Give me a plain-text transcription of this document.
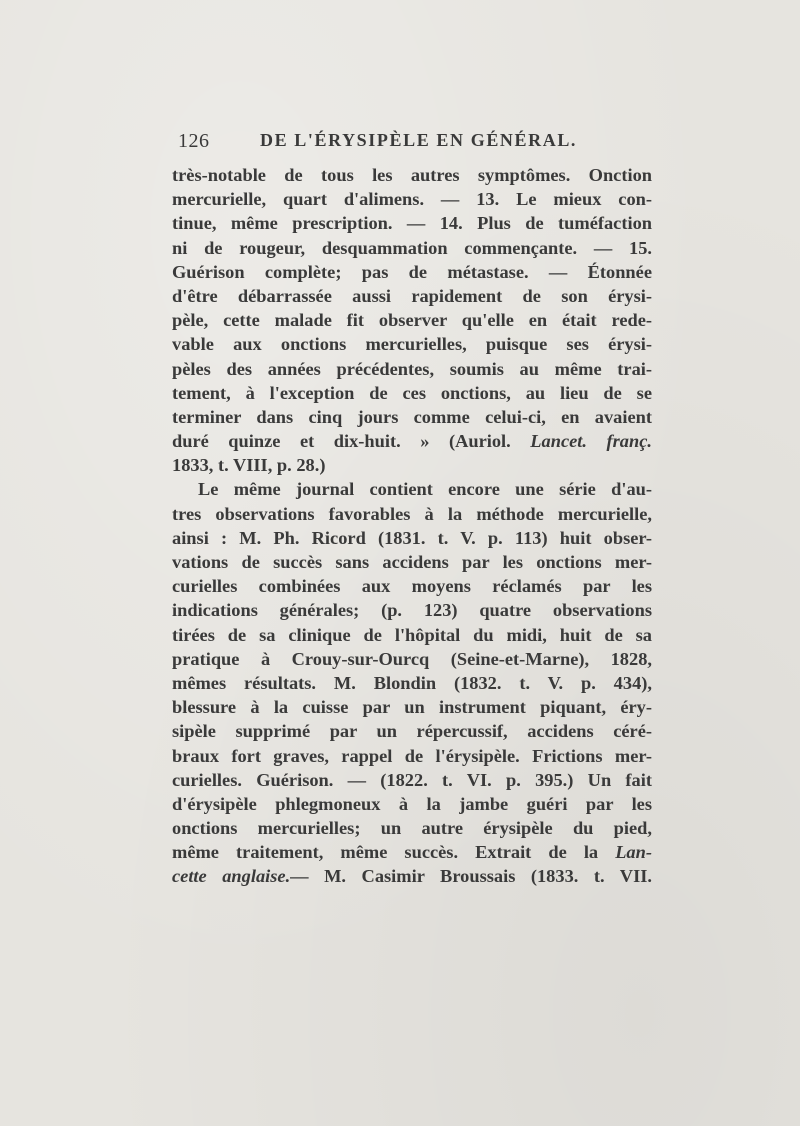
126	DE L'ÉRYSIPÈLE EN GÉNÉRAL.
très-notable de tous les autres symptômes. Onction
mercurielle, quart d'alimens. — 13. Le mieux con-
tinue, même prescription. — 14. Plus de tuméfaction
ni de rougeur, desquammation commençante. — 15.
Guérison complète; pas de métastase. — Étonnée
d'être débarrassée aussi rapidement de son érysi-
pèle, cette malade fit observer qu'elle en était rede-
vable aux onctions mercurielles, puisque ses érysi-
pèles des années précédentes, soumis au même trai-
tement, à l'exception de ces onctions, au lieu de se
terminer dans cinq jours comme celui-ci, en avaient
duré quinze et dix-huit. » (Auriol. Lancet. franç.
1833, t. VIII, p. 28.)
Le même journal contient encore une série d'au-
tres observations favorables à la méthode mercurielle,
ainsi : M. Ph. Ricord (1831. t. V. p. 113) huit obser-
vations de succès sans accidens par les onctions mer-
curielles combinées aux moyens réclamés par les
indications générales; (p. 123) quatre observations
tirées de sa clinique de l'hôpital du midi, huit de sa
pratique à Crouy-sur-Ourcq (Seine-et-Marne), 1828,
mêmes résultats. M. Blondin (1832. t. V. p. 434),
blessure à la cuisse par un instrument piquant, éry-
sipèle supprimé par un répercussif, accidens céré-
braux fort graves, rappel de l'érysipèle. Frictions mer-
curielles. Guérison. — (1822. t. VI. p. 395.) Un fait
d'érysipèle phlegmoneux à la jambe guéri par les
onctions mercurielles; un autre érysipèle du pied,
même traitement, même succès. Extrait de la Lan-
cette anglaise.— M. Casimir Broussais (1833. t. VII.
